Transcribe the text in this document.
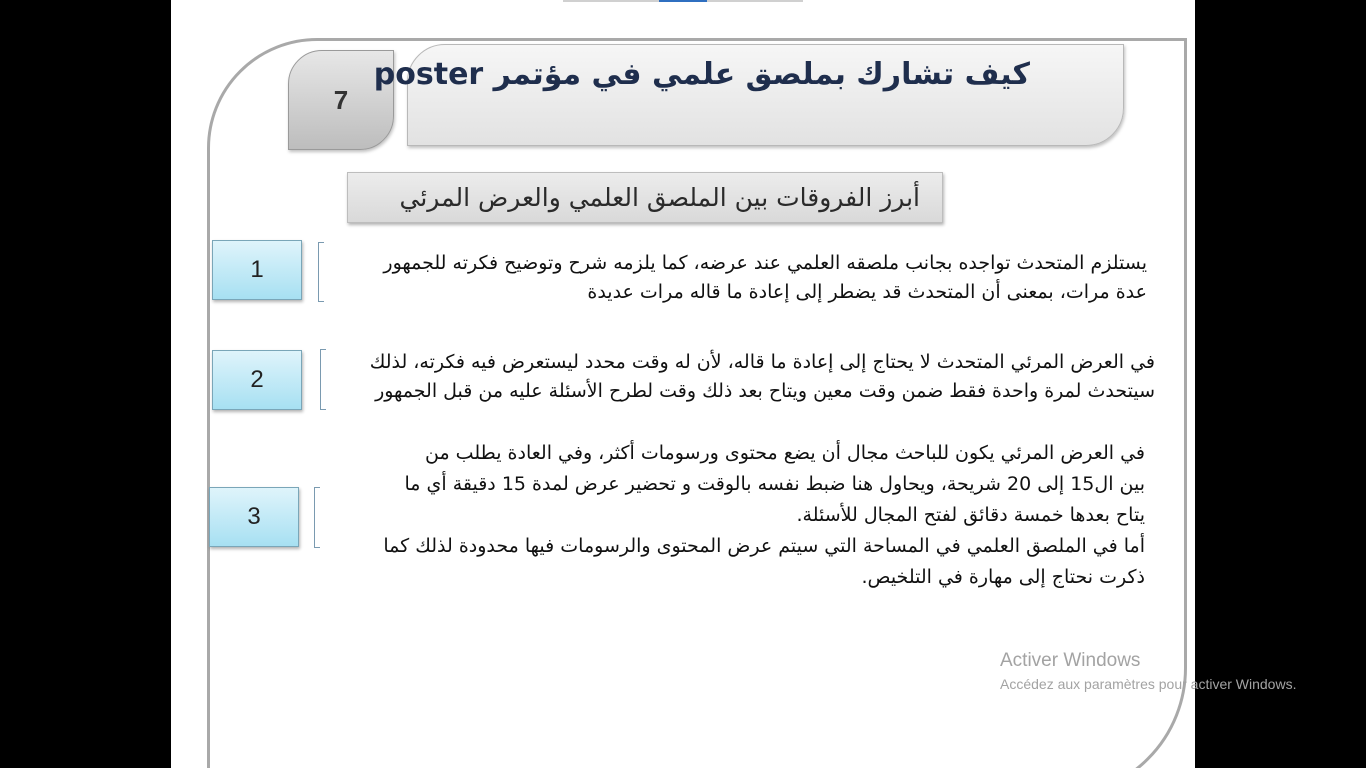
7
كيف تشارك بملصق علمي في مؤتمر poster
أبرز الفروقات بين الملصق العلمي والعرض المرئي
1	يستلزم المتحدث تواجده بجانب ملصقه العلمي عند عرضه، كما يلزمه شرح وتوضيح فكرته للجمهور
عدة مرات، بمعنى أن المتحدث قد يضطر إلى إعادة ما قاله مرات عديدة
2
في العرض المرئي المتحدث لا يحتاج إلى إعادة ما قاله، لأن له وقت محدد ليستعرض فيه فكرته، لذلك
سيتحدث لمرة واحدة فقط ضمن وقت معين ويتاح بعد ذلك وقت لطرح الأسئلة عليه من قبل الجمهور
3
في العرض المرئي يكون للباحث مجال أن يضع محتوى ورسومات أكثر، وفي العادة يطلب من
بين ال15 إلى 20 شريحة، ويحاول هنا ضبط نفسه بالوقت و تحضير عرض لمدة 15 دقيقة أي ما
يتاح بعدها خمسة دقائق لفتح المجال للأسئلة.
أما في الملصق العلمي في المساحة التي سيتم عرض المحتوى والرسومات فيها محدودة لذلك كما
ذكرت نحتاج إلى مهارة في التلخيص.
Activer Windows
Accédez aux paramètres pour activer Windows.
